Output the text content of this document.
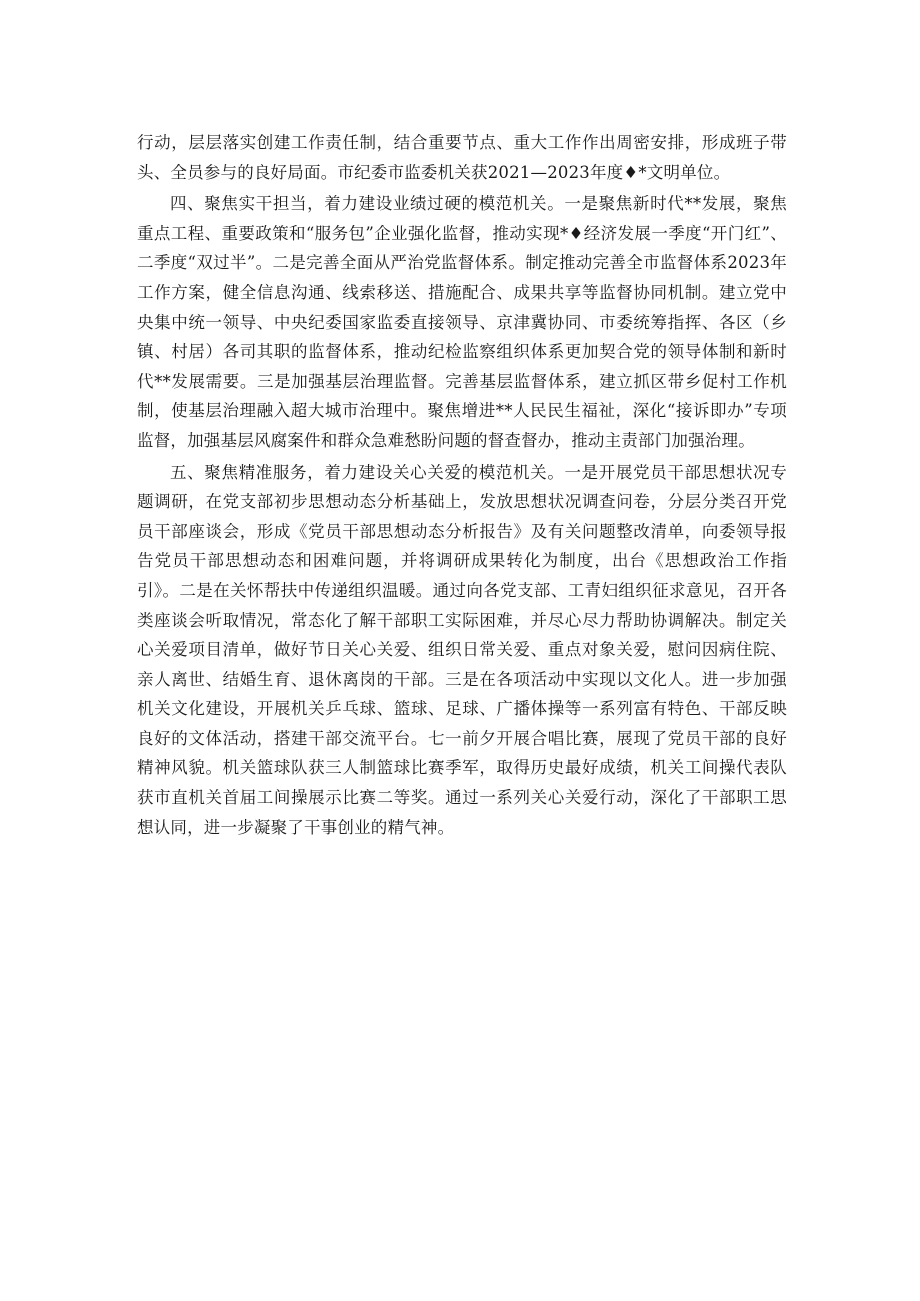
行动，层层落实创建工作责任制，结合重要节点、重大工作作出周密安排，形成班子带头、全员参与的良好局面。市纪委市监委机关获2021—2023年度♦*文明单位。

四、聚焦实干担当，着力建设业绩过硬的模范机关。一是聚焦新时代**发展，聚焦重点工程、重要政策和“服务包”企业强化监督，推动实现*♦经济发展一季度“开门红”、二季度“双过半”。二是完善全面从严治党监督体系。制定推动完善全市监督体系2023年工作方案，健全信息沟通、线索移送、措施配合、成果共享等监督协同机制。建立党中央集中统一领导、中央纪委国家监委直接领导、京津冀协同、市委统筹指挥、各区（乡镇、村居）各司其职的监督体系，推动纪检监察组织体系更加契合党的领导体制和新时代**发展需要。三是加强基层治理监督。完善基层监督体系，建立抓区带乡促村工作机制，使基层治理融入超大城市治理中。聚焦增进**人民民生福祉，深化“接诉即办”专项监督，加强基层风腐案件和群众急难愁盼问题的督查督办，推动主责部门加强治理。

五、聚焦精准服务，着力建设关心关爱的模范机关。一是开展党员干部思想状况专题调研，在党支部初步思想动态分析基础上，发放思想状况调查问卷，分层分类召开党员干部座谈会，形成《党员干部思想动态分析报告》及有关问题整改清单，向委领导报告党员干部思想动态和困难问题，并将调研成果转化为制度，出台《思想政治工作指引》。二是在关怀帮扶中传递组织温暖。通过向各党支部、工青妇组织征求意见，召开各类座谈会听取情况，常态化了解干部职工实际困难，并尽心尽力帮助协调解决。制定关心关爱项目清单，做好节日关心关爱、组织日常关爱、重点对象关爱，慰问因病住院、亲人离世、结婚生育、退休离岗的干部。三是在各项活动中实现以文化人。进一步加强机关文化建设，开展机关乒乓球、篮球、足球、广播体操等一系列富有特色、干部反映良好的文体活动，搭建干部交流平台。七一前夕开展合唱比赛，展现了党员干部的良好精神风貌。机关篮球队获三人制篮球比赛季军，取得历史最好成绩，机关工间操代表队获市直机关首届工间操展示比赛二等奖。通过一系列关心关爱行动，深化了干部职工思想认同，进一步凝聚了干事创业的精气神。
